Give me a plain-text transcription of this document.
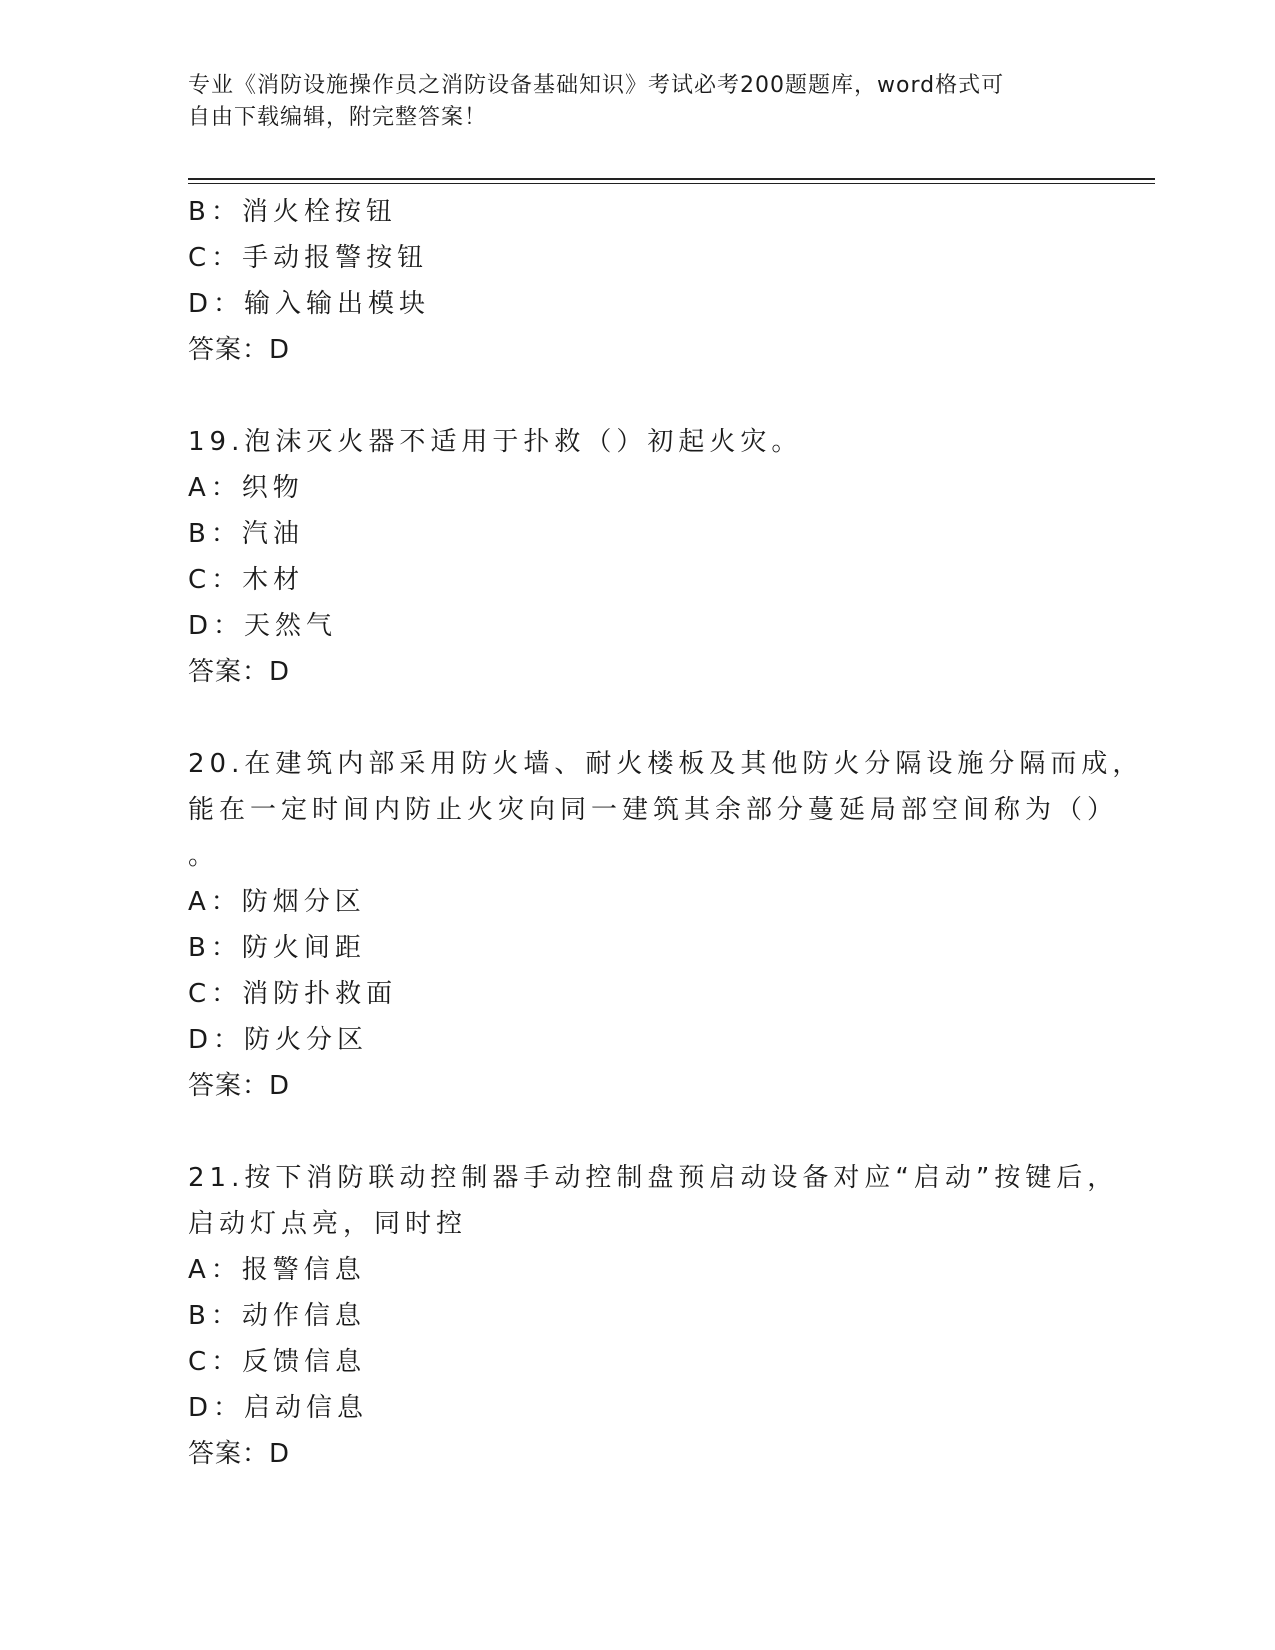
专业《消防设施操作员之消防设备基础知识》考试必考200题题库，word格式可
自由下载编辑，附完整答案！
B：消火栓按钮
C：手动报警按钮
D：输入输出模块
答案：D
19.泡沫灭火器不适用于扑救（）初起火灾。
A：织物
B：汽油
C：木材
D：天然气
答案：D
20.在建筑内部采用防火墙、耐火楼板及其他防火分隔设施分隔而成，
能在一定时间内防止火灾向同一建筑其余部分蔓延局部空间称为（）
。
A：防烟分区
B：防火间距
C：消防扑救面
D：防火分区
答案：D
21.按下消防联动控制器手动控制盘预启动设备对应“启动”按键后，
启动灯点亮，同时控
A：报警信息
B：动作信息
C：反馈信息
D：启动信息
答案：D
